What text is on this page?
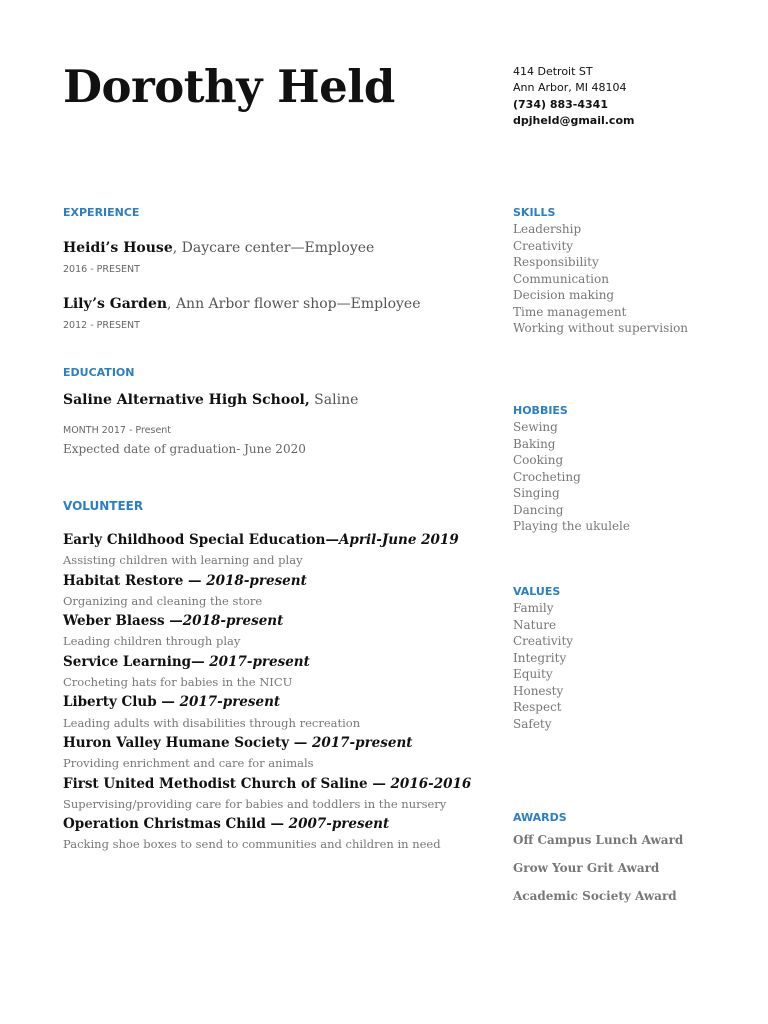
Dorothy Held	414 Detroit ST
Ann Arbor, MI 48104
(734) 883-4341
dpjheld@gmail.com
EXPERIENCE
Heidi’s House, Daycare center—Employee
2016 - PRESENT
Lily’s Garden, Ann Arbor flower shop—Employee
2012 - PRESENT
EDUCATION
Saline Alternative High School, Saline
MONTH 2017 - Present
Expected date of graduation- June 2020
VOLUNTEER
Early Childhood Special Education—April-June 2019
Assisting children with learning and play
Habitat Restore — 2018-present
Organizing and cleaning the store
Weber Blaess —2018-present
Leading children through play
Service Learning— 2017-present
Crocheting hats for babies in the NICU
Liberty Club — 2017-present
Leading adults with disabilities through recreation
Huron Valley Humane Society — 2017-present
Providing enrichment and care for animals
First United Methodist Church of Saline — 2016-2016
Supervising/providing care for babies and toddlers in the nursery
Operation Christmas Child — 2007-present
Packing shoe boxes to send to communities and children in need
SKILLS
Leadership
Creativity
Responsibility
Communication
Decision making
Time management
Working without supervision
HOBBIES
Sewing
Baking
Cooking
Crocheting
Singing
Dancing
Playing the ukulele
VALUES
Family
Nature
Creativity
Integrity
Equity
Honesty
Respect
Safety
AWARDS
Off Campus Lunch Award
Grow Your Grit Award
Academic Society Award
